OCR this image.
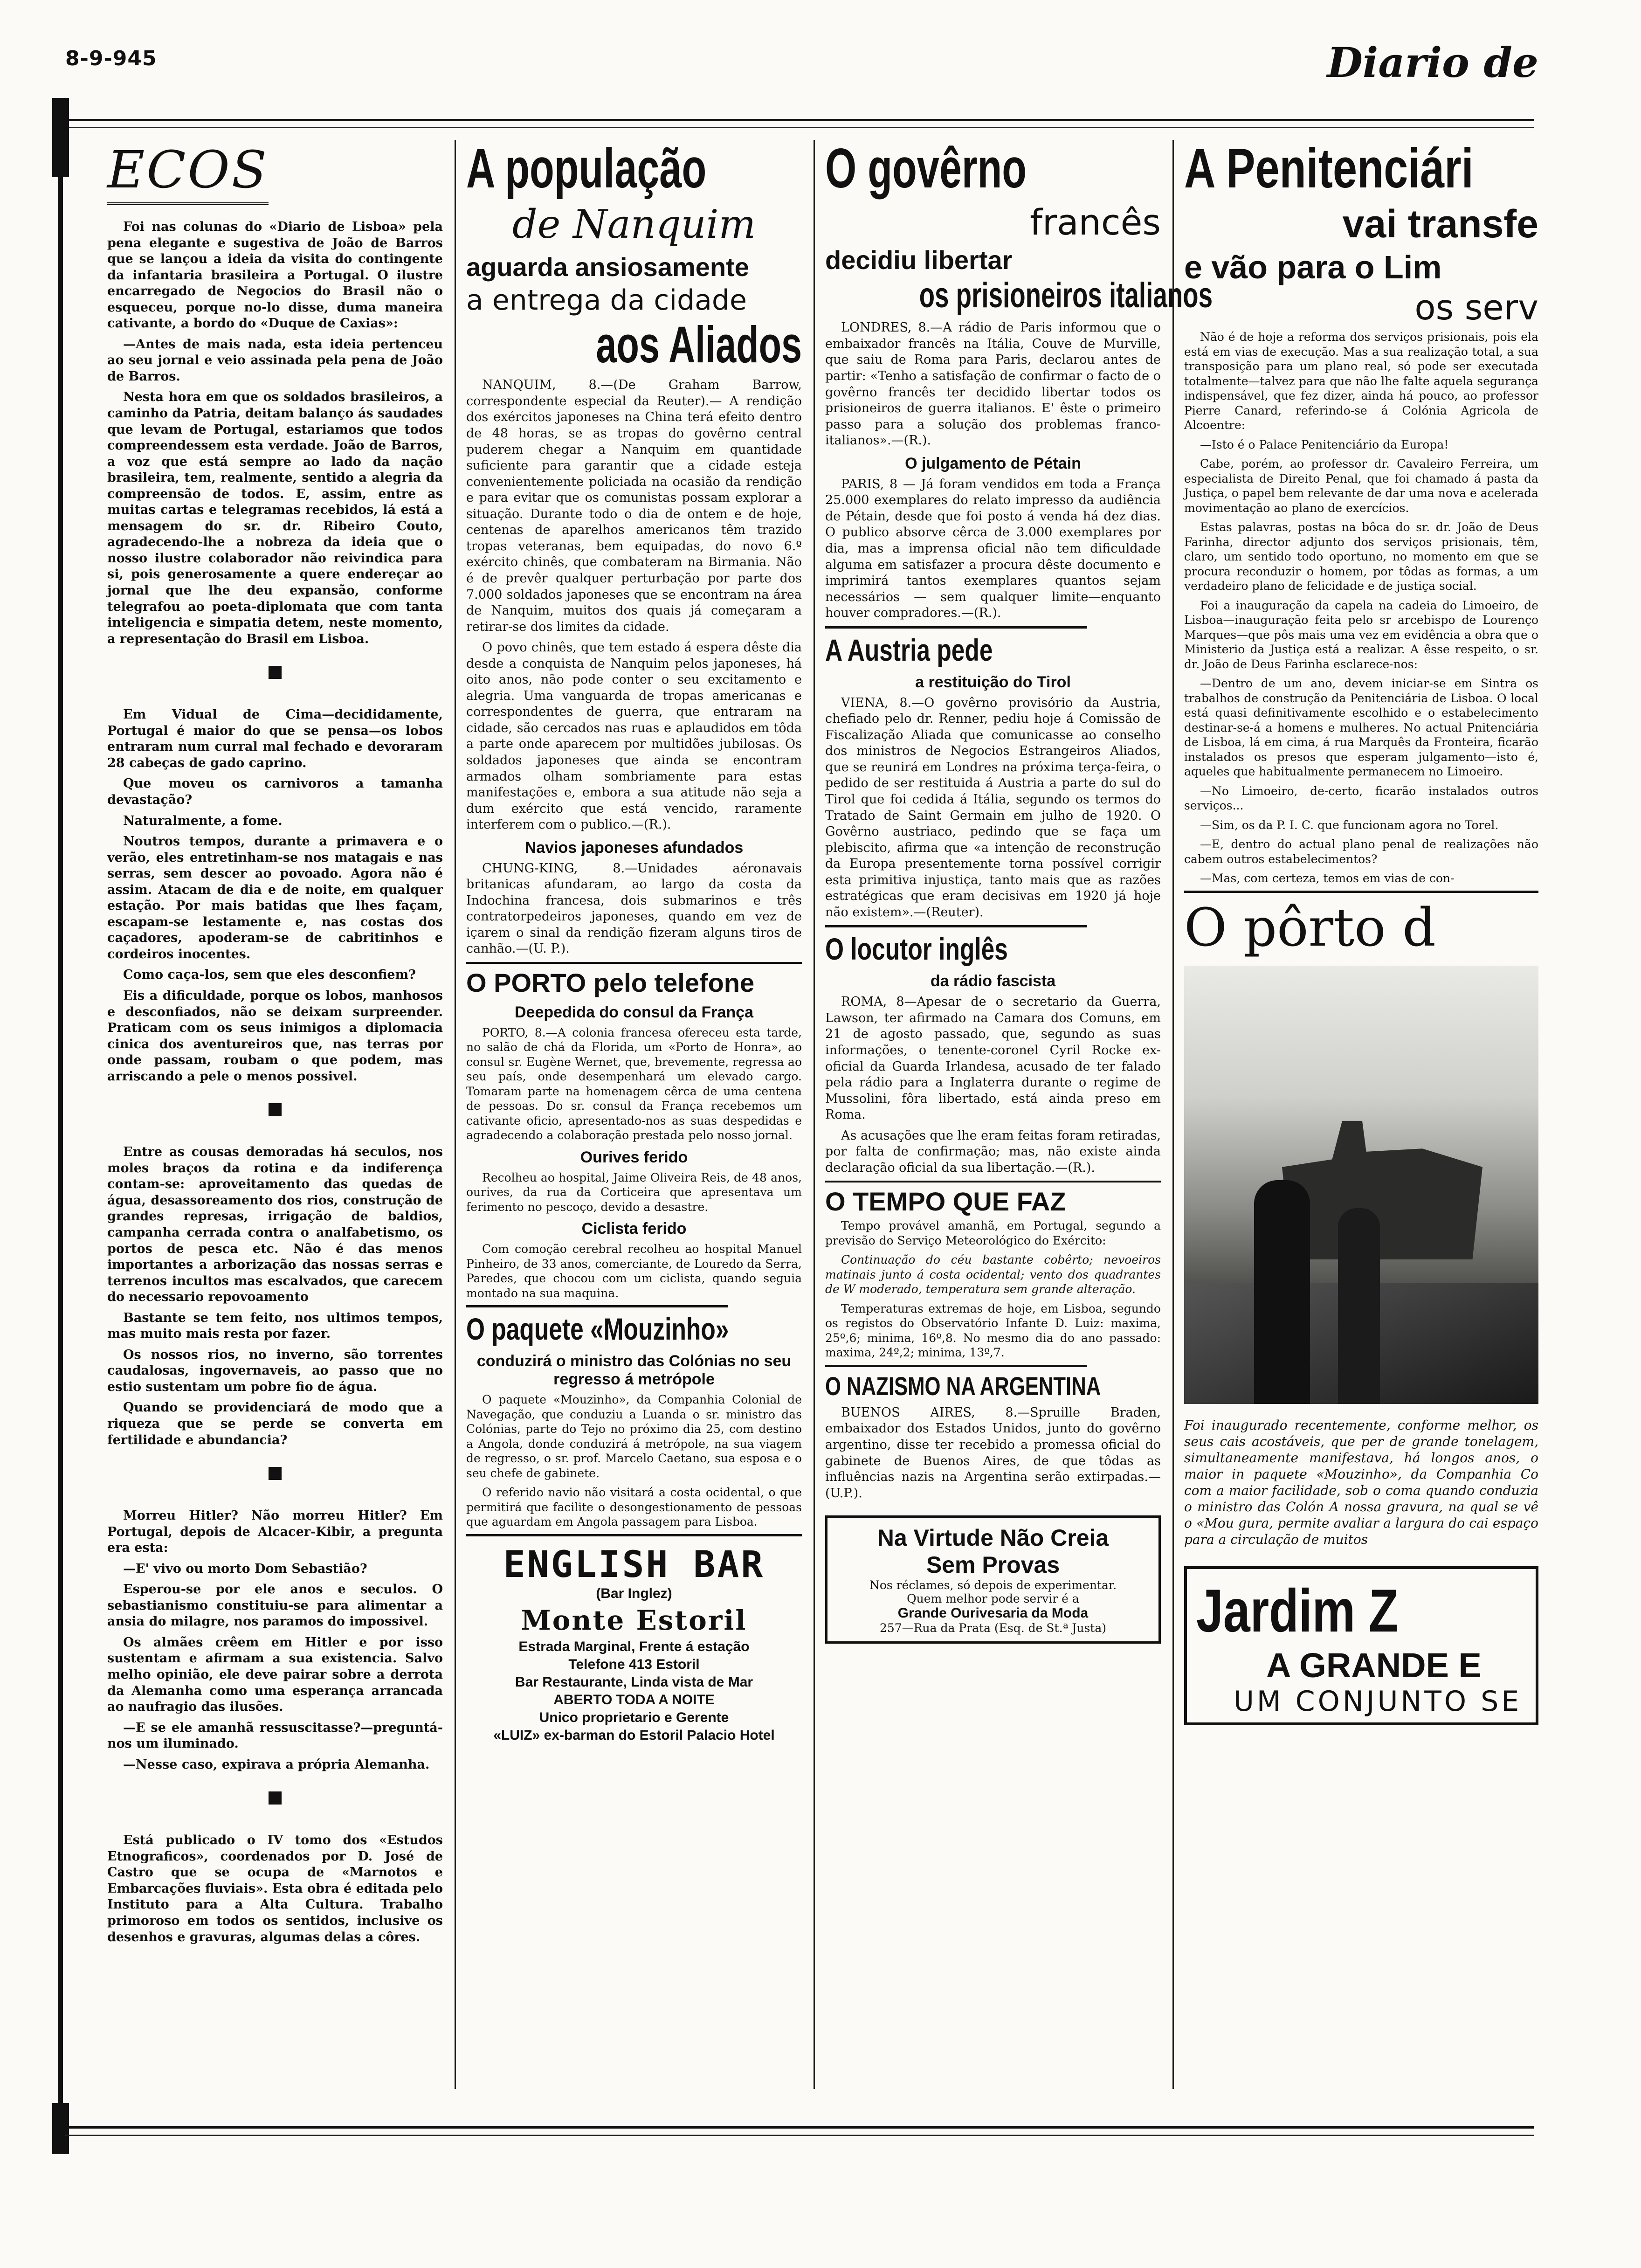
8-9-945	Diario de
ECOS

Foi nas colunas do «Diario de Lisboa» pela pena elegante e sugestiva de João de Barros que se lançou a ideia da visita do contingente da infantaria brasileira a Portugal. O ilustre encarregado de Negocios do Brasil não o esqueceu, porque no-lo disse, duma maneira cativante, a bordo do «Duque de Caxias»:

—Antes de mais nada, esta ideia pertenceu ao seu jornal e veio assinada pela pena de João de Barros.

Nesta hora em que os soldados brasileiros, a caminho da Patria, deitam balanço ás saudades que levam de Portugal, estariamos que todos compreendessem esta verdade. João de Barros, a voz que está sempre ao lado da nação brasileira, tem, realmente, sentido a alegria da compreensão de todos. E, assim, entre as muitas cartas e telegramas recebidos, lá está a mensagem do sr. dr. Ribeiro Couto, agradecendo-lhe a nobreza da ideia que o nosso ilustre colaborador não reivindica para si, pois generosamente a quere endereçar ao jornal que lhe deu expansão, conforme telegrafou ao poeta-diplomata que com tanta inteligencia e simpatia detem, neste momento, a representação do Brasil em Lisboa.

Em Vidual de Cima—decididamente, Portugal é maior do que se pensa—os lobos entraram num curral mal fechado e devoraram 28 cabeças de gado caprino.

Que moveu os carnivoros a tamanha devastação?

Naturalmente, a fome.

Noutros tempos, durante a primavera e o verão, eles entretinham-se nos matagais e nas serras, sem descer ao povoado. Agora não é assim. Atacam de dia e de noite, em qualquer estação. Por mais batidas que lhes façam, escapam-se lestamente e, nas costas dos caçadores, apoderam-se de cabritinhos e cordeiros inocentes.

Como caça-los, sem que eles desconfiem?

Eis a dificuldade, porque os lobos, manhosos e desconfiados, não se deixam surpreender. Praticam com os seus inimigos a diplomacia cinica dos aventureiros que, nas terras por onde passam, roubam o que podem, mas arriscando a pele o menos possivel.

Entre as cousas demoradas há seculos, nos moles braços da rotina e da indiferença contam-se: aproveitamento das quedas de água, desassoreamento dos rios, construção de grandes represas, irrigação de baldios, campanha cerrada contra o analfabetismo, os portos de pesca etc. Não é das menos importantes a arborização das nossas serras e terrenos incultos mas escalvados, que carecem do necessario repovoamento

Bastante se tem feito, nos ultimos tempos, mas muito mais resta por fazer.

Os nossos rios, no inverno, são torrentes caudalosas, ingovernaveis, ao passo que no estio sustentam um pobre fio de água.

Quando se providenciará de modo que a riqueza que se perde se converta em fertilidade e abundancia?

Morreu Hitler? Não morreu Hitler? Em Portugal, depois de Alcacer-Kibir, a pregunta era esta:

—E' vivo ou morto Dom Sebastião?

Esperou-se por ele anos e seculos. O sebastianismo constituiu-se para alimentar a ansia do milagre, nos paramos do impossivel.

Os almães crêem em Hitler e por isso sustentam e afirmam a sua existencia. Salvo melho opinião, ele deve pairar sobre a derrota da Alemanha como uma esperança arrancada ao naufragio das ilusões.

—E se ele amanhã ressuscitasse?—preguntá-nos um iluminado.

—Nesse caso, expirava a própria Alemanha.

Está publicado o IV tomo dos «Estudos Etnograficos», coordenados por D. José de Castro que se ocupa de «Marnotos e Embarcações fluviais». Esta obra é editada pelo Instituto para a Alta Cultura. Trabalho primoroso em todos os sentidos, inclusive os desenhos e gravuras, algumas delas a côres.

A população
de Nanquim
aguarda ansiosamente
a entrega da cidade
aos Aliados

NANQUIM, 8.—(De Graham Barrow, correspondente especial da Reuter).— A rendição dos exércitos japoneses na China terá efeito dentro de 48 horas, se as tropas do govêrno central puderem chegar a Nanquim em quantidade suficiente para garantir que a cidade esteja convenientemente policiada na ocasião da rendição e para evitar que os comunistas possam explorar a situação. Durante todo o dia de ontem e de hoje, centenas de aparelhos americanos têm trazido tropas veteranas, bem equipadas, do novo 6.º exército chinês, que combateram na Birmania. Não é de prevêr qualquer perturbação por parte dos 7.000 soldados japoneses que se encontram na área de Nanquim, muitos dos quais já começaram a retirar-se dos limites da cidade.

O povo chinês, que tem estado á espera dêste dia desde a conquista de Nanquim pelos japoneses, há oito anos, não pode conter o seu excitamento e alegria. Uma vanguarda de tropas americanas e correspondentes de guerra, que entraram na cidade, são cercados nas ruas e aplaudidos em tôda a parte onde aparecem por multidões jubilosas. Os soldados japoneses que ainda se encontram armados olham sombriamente para estas manifestações e, embora a sua atitude não seja a dum exército que está vencido, raramente interferem com o publico.—(R.).

Navios japoneses afundados

CHUNG-KING, 8.—Unidades aéronavais britanicas afundaram, ao largo da costa da Indochina francesa, dois submarinos e três contratorpedeiros japoneses, quando em vez de içarem o sinal da rendição fizeram alguns tiros de canhão.—(U. P.).

O PORTO pelo telefone
Deepedida do consul da França

PORTO, 8.—A colonia francesa ofereceu esta tarde, no salão de chá da Florida, um «Porto de Honra», ao consul sr. Eugène Wernet, que, brevemente, regressa ao seu país, onde desempenhará um elevado cargo. Tomaram parte na homenagem cêrca de uma centena de pessoas. Do sr. consul da França recebemos um cativante oficio, apresentado-nos as suas despedidas e agradecendo a colaboração prestada pelo nosso jornal.

Ourives ferido

Recolheu ao hospital, Jaime Oliveira Reis, de 48 anos, ourives, da rua da Corticeira que apresentava um ferimento no pescoço, devido a desastre.

Ciclista ferido

Com comoção cerebral recolheu ao hospital Manuel Pinheiro, de 33 anos, comerciante, de Louredo da Serra, Paredes, que chocou com um ciclista, quando seguia montado na sua maquina.

O paquete «Mouzinho»
conduzirá o ministro das Colónias no seu regresso á metrópole

O paquete «Mouzinho», da Companhia Colonial de Navegação, que conduziu a Luanda o sr. ministro das Colónias, parte do Tejo no próximo dia 25, com destino a Angola, donde conduzirá á metrópole, na sua viagem de regresso, o sr. prof. Marcelo Caetano, sua esposa e o seu chefe de gabinete.

O referido navio não visitará a costa ocidental, o que permitirá que facilite o desongestionamento de pessoas que aguardam em Angola passagem para Lisboa.

ENGLISH BAR
(Bar Inglez)
Monte Estoril
Estrada Marginal, Frente á estação
Telefone 413 Estoril
Bar Restaurante, Linda vista de Mar
ABERTO TODA A NOITE
Unico proprietario e Gerente
«LUIZ» ex-barman do Estoril Palacio Hotel
O govêrno
francês
decidiu libertar
os prisioneiros italianos

LONDRES, 8.—A rádio de Paris informou que o embaixador francês na Itália, Couve de Murville, que saiu de Roma para Paris, declarou antes de partir: «Tenho a satisfação de confirmar o facto de o govêrno francês ter decidido libertar todos os prisioneiros de guerra italianos. E' êste o primeiro passo para a solução dos problemas franco-italianos».—(R.).

O julgamento de Pétain

PARIS, 8 — Já foram vendidos em toda a França 25.000 exemplares do relato impresso da audiência de Pétain, desde que foi posto á venda há dez dias. O publico absorve cêrca de 3.000 exemplares por dia, mas a imprensa oficial não tem dificuldade alguma em satisfazer a procura dêste documento e imprimirá tantos exemplares quantos sejam necessários — sem qualquer limite—enquanto houver compradores.—(R.).

A Austria pede
a restituição do Tirol

VIENA, 8.—O govêrno provisório da Austria, chefiado pelo dr. Renner, pediu hoje á Comissão de Fiscalização Aliada que comunicasse ao conselho dos ministros de Negocios Estrangeiros Aliados, que se reunirá em Londres na próxima terça-feira, o pedido de ser restituida á Austria a parte do sul do Tirol que foi cedida á Itália, segundo os termos do Tratado de Saint Germain em julho de 1920. O Govêrno austriaco, pedindo que se faça um plebiscito, afirma que «a intenção de reconstrução da Europa presentemente torna possível corrigir esta primitiva injustiça, tanto mais que as razões estratégicas que eram decisivas em 1920 já hoje não existem».—(Reuter).

O locutor inglês
da rádio fascista

ROMA, 8—Apesar de o secretario da Guerra, Lawson, ter afirmado na Camara dos Comuns, em 21 de agosto passado, que, segundo as suas informações, o tenente-coronel Cyril Rocke ex-oficial da Guarda Irlandesa, acusado de ter falado pela rádio para a Inglaterra durante o regime de Mussolini, fôra libertado, está ainda preso em Roma.

As acusações que lhe eram feitas foram retiradas, por falta de confirmação; mas, não existe ainda declaração oficial da sua libertação.—(R.).

O TEMPO QUE FAZ

Tempo provável amanhã, em Portugal, segundo a previsão do Serviço Meteorológico do Exército:

Continuação do céu bastante cobêrto; nevoeiros matinais junto á costa ocidental; vento dos quadrantes de W moderado, temperatura sem grande alteração.

Temperaturas extremas de hoje, em Lisboa, segundo os registos do Observatório Infante D. Luiz: maxima, 25º,6; minima, 16º,8. No mesmo dia do ano passado: maxima, 24º,2; minima, 13º,7.

O NAZISMO NA ARGENTINA

BUENOS AIRES, 8.—Spruille Braden, embaixador dos Estados Unidos, junto do govêrno argentino, disse ter recebido a promessa oficial do gabinete de Buenos Aires, de que tôdas as influências nazis na Argentina serão extirpadas.—(U.P.).

Na Virtude Não Creia
Sem Provas
Nos réclames, só depois de experimentar.
Quem melhor pode servir é a
Grande Ourivesaria da Moda
257—Rua da Prata (Esq. de St.ª Justa)
A Penitenciári
vai transfe
e vão para o Lim
os serv

Não é de hoje a reforma dos serviços prisionais, pois ela está em vias de execução. Mas a sua realização total, a sua transposição para um plano real, só pode ser executada totalmente—talvez para que não lhe falte aquela segurança indispensável, que fez dizer, ainda há pouco, ao professor Pierre Canard, referindo-se á Colónia Agricola de Alcoentre:

—Isto é o Palace Penitenciário da Europa!

Cabe, porém, ao professor dr. Cavaleiro Ferreira, um especialista de Direito Penal, que foi chamado á pasta da Justiça, o papel bem relevante de dar uma nova e acelerada movimentação ao plano de exercícios.

Estas palavras, postas na bôca do sr. dr. João de Deus Farinha, director adjunto dos serviços prisionais, têm, claro, um sentido todo oportuno, no momento em que se procura reconduzir o homem, por tôdas as formas, a um verdadeiro plano de felicidade e de justiça social.

Foi a inauguração da capela na cadeia do Limoeiro, de Lisboa—inauguração feita pelo sr arcebispo de Lourenço Marques—que pôs mais uma vez em evidência a obra que o Ministerio da Justiça está a realizar. A êsse respeito, o sr. dr. João de Deus Farinha esclarece-nos:

—Dentro de um ano, devem iniciar-se em Sintra os trabalhos de construção da Penitenciária de Lisboa. O local está quasi definitivamente escolhido e o estabelecimento destinar-se-á a homens e mulheres. No actual Pnitenciária de Lisboa, lá em cima, á rua Marquês da Fronteira, ficarão instalados os presos que esperam julgamento—isto é, aqueles que habitualmente permanecem no Limoeiro.

—No Limoeiro, de-certo, ficarão instalados outros serviços...

—Sim, os da P. I. C. que funcionam agora no Torel.

—E, dentro do actual plano penal de realizações não cabem outros estabelecimentos?

—Mas, com certeza, temos em vias de con-

O pôrto d

Foi inaugurado recentemente, conforme melhor, os seus cais acostáveis, que per de grande tonelagem, simultaneamente manifestava, há longos anos, o maior in paquete «Mouzinho», da Companhia Co com a maior facilidade, sob o coma quando conduzia o ministro das Colón A nossa gravura, na qual se vê o «Mou gura, permite avaliar a largura do cai espaço para a circulação de muitos

Jardim Z
A GRANDE E
UM CONJUNTO SE
